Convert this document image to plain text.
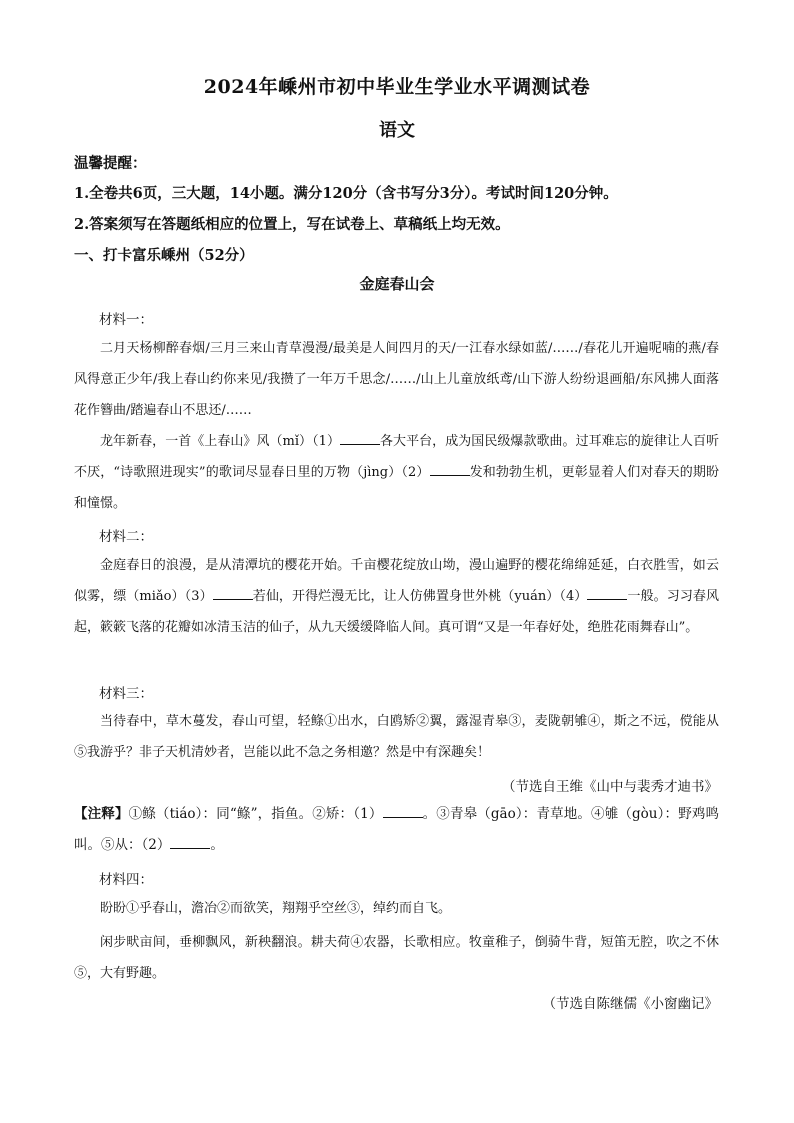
2024年嵊州市初中毕业生学业水平调测试卷
语文
温馨提醒：
1.全卷共6页，三大题，14小题。满分120分（含书写分3分）。考试时间120分钟。
2.答案须写在答题纸相应的位置上，写在试卷上、草稿纸上均无效。
一、打卡富乐嵊州（52分）
金庭春山会
材料一：
二月天杨柳醉春烟/三月三来山青草漫漫/最美是人间四月的天/一江春水绿如蓝/……/春花儿开遍呢喃的燕/春风得意正少年/我上春山约你来见/我攒了一年万千思念/……/山上儿童放纸鸢/山下游人纷纷退画船/东风拂人面落花作簪曲/踏遍春山不思还/……
龙年新春，一首《上春山》风（mǐ）（1）	各大平台，成为国民级爆款歌曲。过耳难忘的旋律让人百听不厌，“诗歌照进现实”的歌词尽显春日里的万物（jìng）（2）	发和勃勃生机，更彰显着人们对春天的期盼和憧憬。
材料二：
金庭春日的浪漫，是从清潭坑的樱花开始。千亩樱花绽放山坳，漫山遍野的樱花绵绵延延，白衣胜雪，如云似雾，缥（miǎo）（3）	若仙，开得烂漫无比，让人仿佛置身世外桃（yuán）（4）	一般。习习春风起，簌簌飞落的花瓣如冰清玉洁的仙子，从九天缓缓降临人间。真可谓“又是一年春好处，绝胜花雨舞春山”。
材料三：
当待春中，草木蔓发，春山可望，轻鲦①出水，白鸥矫②翼，露湿青皋③，麦陇朝雊④，斯之不远，傥能从⑤我游乎？非子天机清妙者，岂能以此不急之务相邀？然是中有深趣矣！
（节选自王维《山中与裴秀才迪书》
【注释】①鲦（tiáo）：同“鲦”，指鱼。②矫：（1）	。③青皋（gāo）：青草地。④雊（gòu）：野鸡鸣叫。⑤从：（2）	。
材料四：
盼盼①乎春山，澹冶②而欲笑，翔翔乎空丝③，绰约而自飞。
闲步畎亩间，垂柳飘风，新秧翻浪。耕夫荷④农器，长歌相应。牧童稚子，倒骑牛背，短笛无腔，吹之不休⑤，大有野趣。
（节选自陈继儒《小窗幽记》
